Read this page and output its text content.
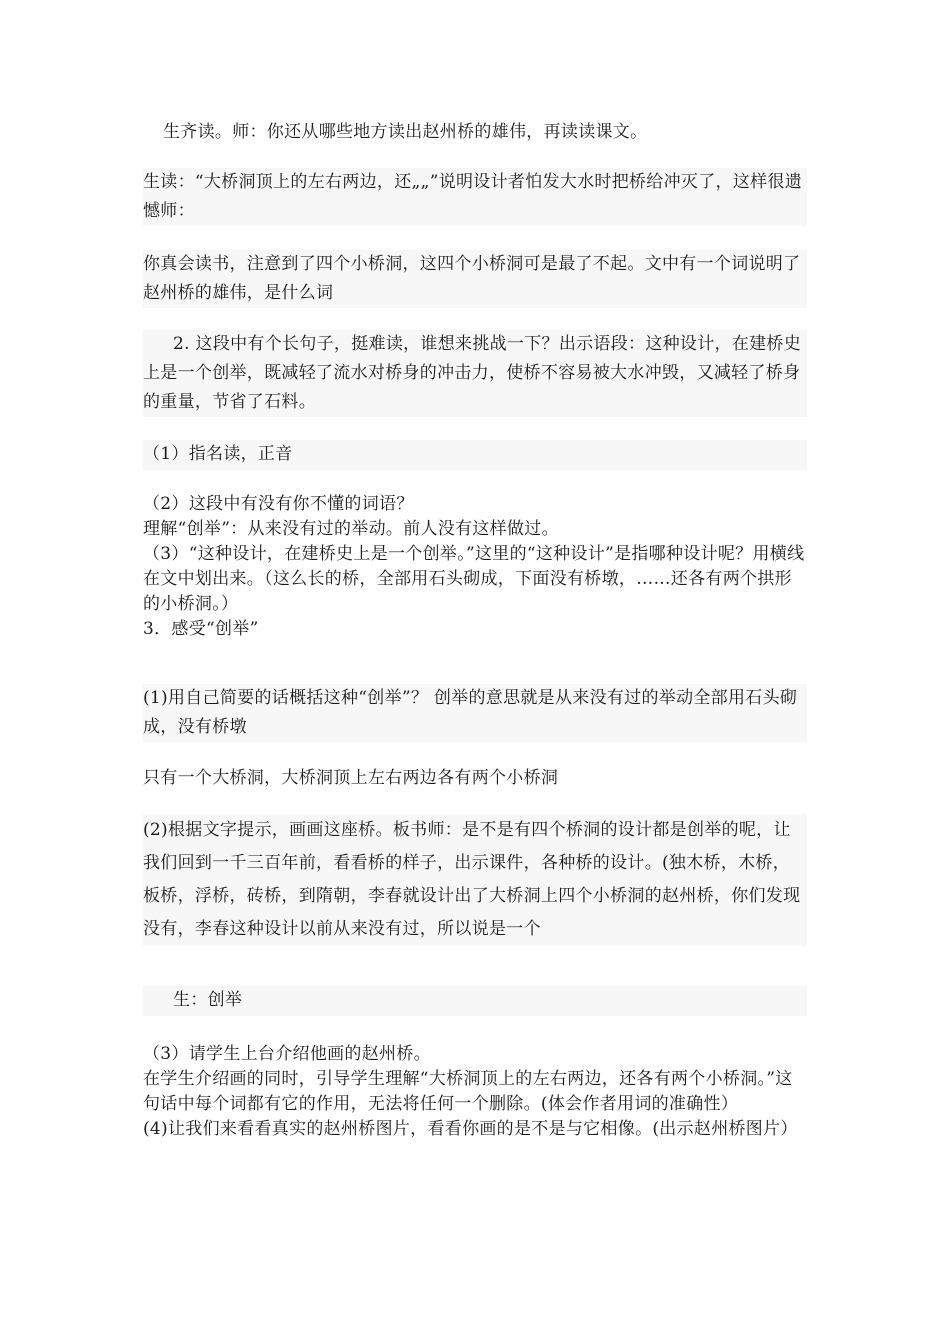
生齐读。师：你还从哪些地方读出赵州桥的雄伟，再读读课文。

生读：“大桥洞顶上的左右两边，还„„”说明设计者怕发大水时把桥给冲灭了，这样很遗憾师：

你真会读书，注意到了四个小桥洞，这四个小桥洞可是最了不起。文中有一个词说明了赵州桥的雄伟，是什么词

2. 这段中有个长句子，挺难读，谁想来挑战一下？出示语段：这种设计，在建桥史上是一个创举，既减轻了流水对桥身的冲击力，使桥不容易被大水冲毁，又减轻了桥身的重量，节省了石料。

（1）指名读，正音

（2）这段中有没有你不懂的词语？

理解“创举”：从来没有过的举动。前人没有这样做过。

（3）“这种设计，在建桥史上是一个创举。”这里的“这种设计”是指哪种设计呢？用横线在文中划出来。（这么长的桥，全部用石头砌成，下面没有桥墩，……还各有两个拱形的小桥洞。）

3．感受“创举”

(1)用自己简要的话概括这种“创举”？ 创举的意思就是从来没有过的举动全部用石头砌成，没有桥墩

只有一个大桥洞，大桥洞顶上左右两边各有两个小桥洞

(2)根据文字提示，画画这座桥。板书师：是不是有四个桥洞的设计都是创举的呢，让我们回到一千三百年前，看看桥的样子，出示课件，各种桥的设计。(独木桥，木桥，板桥，浮桥，砖桥，到隋朝，李春就设计出了大桥洞上四个小桥洞的赵州桥，你们发现没有，李春这种设计以前从来没有过，所以说是一个

生：创举

（3）请学生上台介绍他画的赵州桥。

在学生介绍画的同时，引导学生理解“大桥洞顶上的左右两边，还各有两个小桥洞。”这句话中每个词都有它的作用，无法将任何一个删除。(体会作者用词的准确性）

(4)让我们来看看真实的赵州桥图片，看看你画的是不是与它相像。(出示赵州桥图片）
